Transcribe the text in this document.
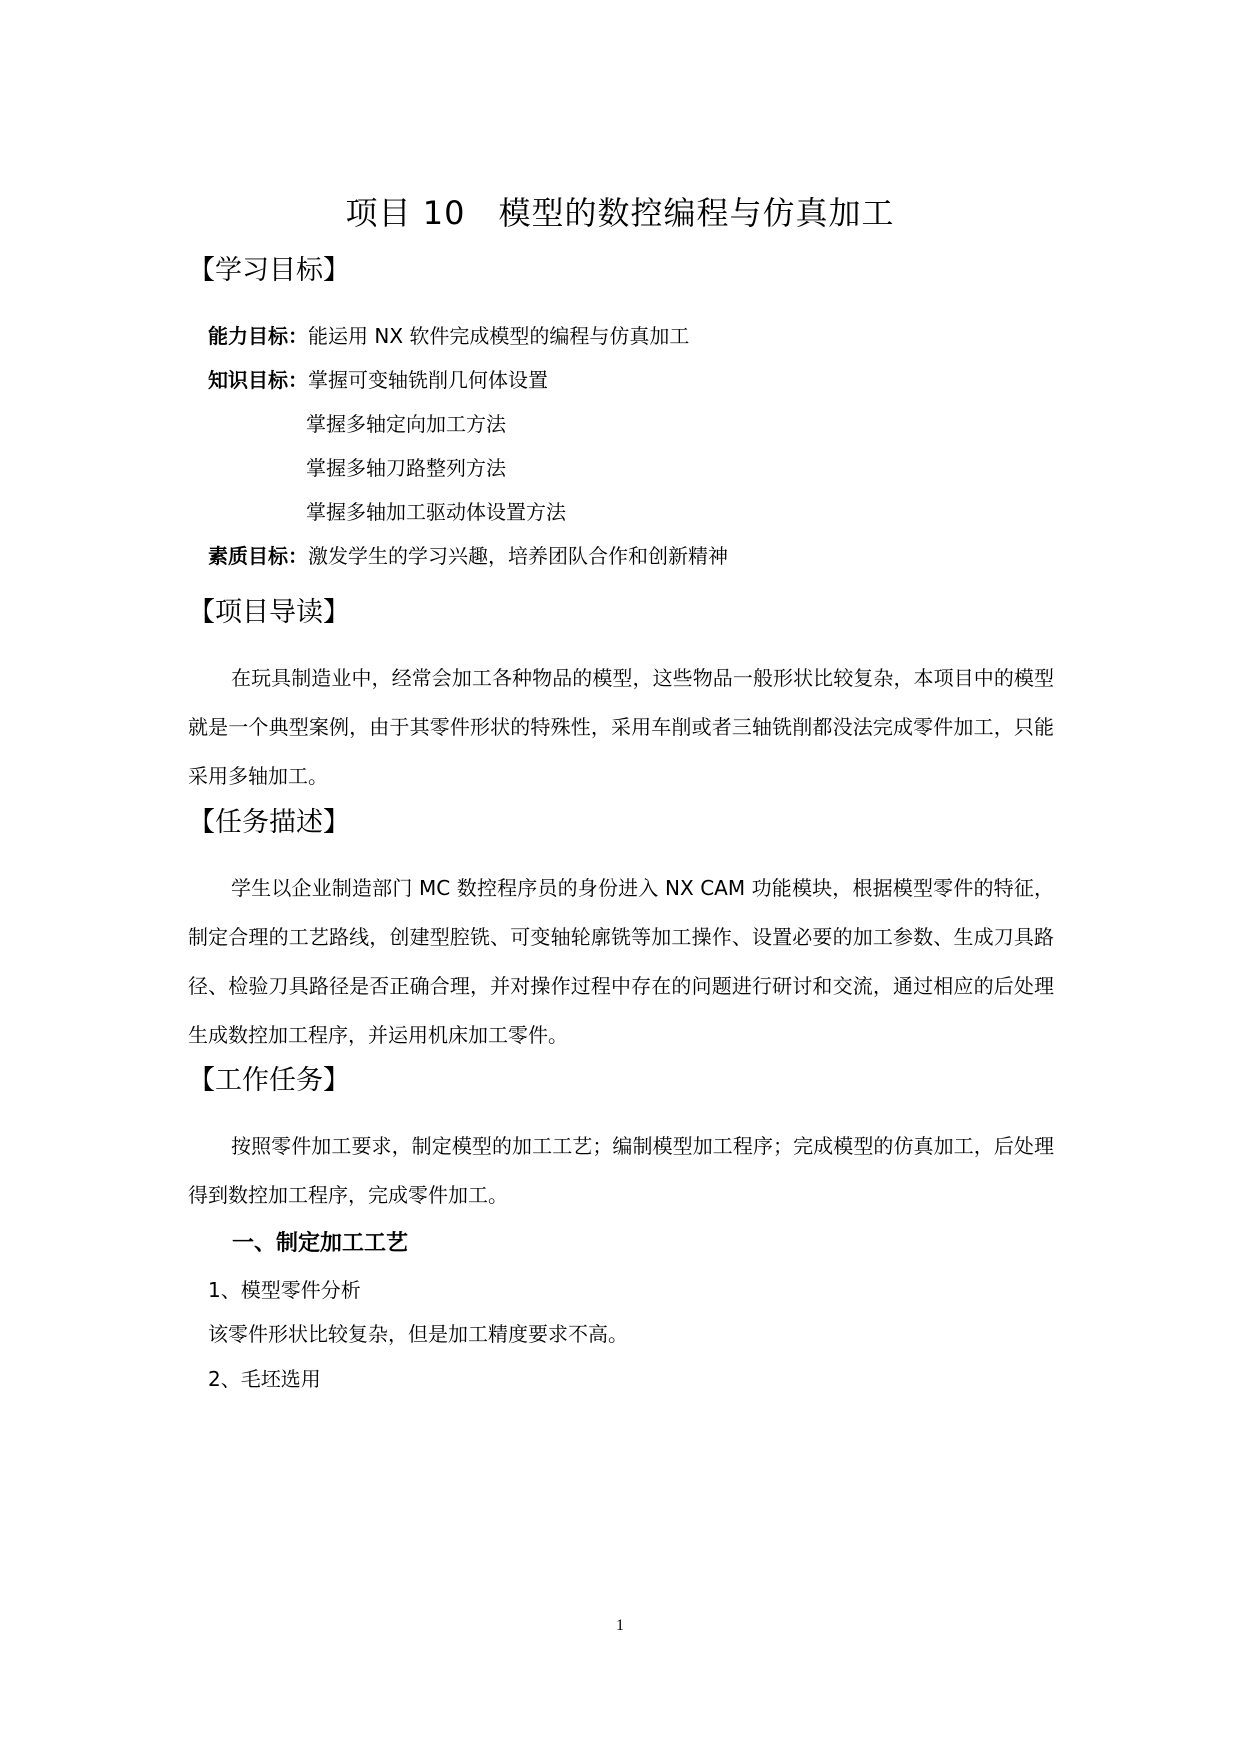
项目 10　模型的数控编程与仿真加工
【学习目标】
能力目标：能运用 NX 软件完成模型的编程与仿真加工
知识目标：掌握可变轴铣削几何体设置
掌握多轴定向加工方法
掌握多轴刀路整列方法
掌握多轴加工驱动体设置方法
素质目标：激发学生的学习兴趣，培养团队合作和创新精神
【项目导读】
在玩具制造业中，经常会加工各种物品的模型，这些物品一般形状比较复杂，本项目中的模型就是一个典型案例，由于其零件形状的特殊性，采用车削或者三轴铣削都没法完成零件加工，只能采用多轴加工。
【任务描述】
学生以企业制造部门 MC 数控程序员的身份进入 NX CAM 功能模块，根据模型零件的特征，制定合理的工艺路线，创建型腔铣、可变轴轮廓铣等加工操作、设置必要的加工参数、生成刀具路径、检验刀具路径是否正确合理，并对操作过程中存在的问题进行研讨和交流，通过相应的后处理生成数控加工程序，并运用机床加工零件。
【工作任务】
按照零件加工要求，制定模型的加工工艺；编制模型加工程序；完成模型的仿真加工，后处理得到数控加工程序，完成零件加工。
一、制定加工工艺
1、模型零件分析
该零件形状比较复杂，但是加工精度要求不高。
2、毛坯选用
1
